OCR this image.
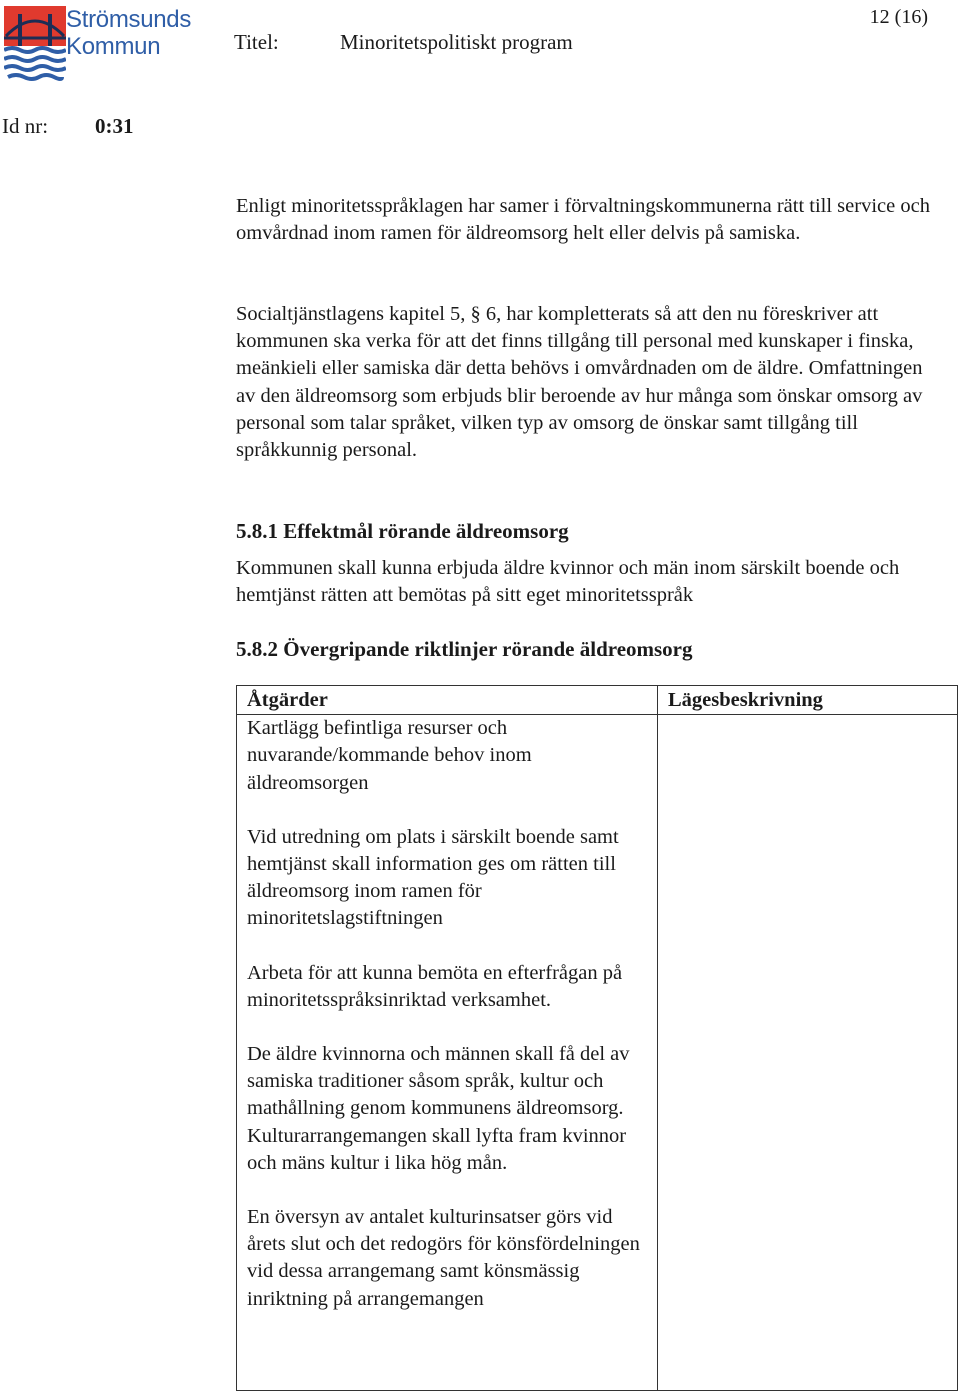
Strömsunds
Kommun	Titel:	Minoritetspolitiskt program
12 (16)
Id nr: 0:31

Enligt minoritetsspråklagen har samer i förvaltningskommunerna rätt till service och omvårdnad inom ramen för äldreomsorg helt eller delvis på samiska.

Socialtjänstlagens kapitel 5, § 6, har kompletterats så att den nu föreskriver att kommunen ska verka för att det finns tillgång till personal med kunskaper i finska, meänkieli eller samiska där detta behövs i omvårdnaden om de äldre. Omfattningen av den äldreomsorg som erbjuds blir beroende av hur många som önskar omsorg av personal som talar språket, vilken typ av omsorg de önskar samt tillgång till språkkunnig personal.

5.8.1 Effektmål rörande äldreomsorg

Kommunen skall kunna erbjuda äldre kvinnor och män inom särskilt boende och hemtjänst rätten att bemötas på sitt eget minoritetsspråk

5.8.2 Övergripande riktlinjer rörande äldreomsorg
Åtgärder	Lägesbeskrivning

Kartlägg befintliga resurser och nuvarande/kommande behov inom äldreomsorgen

Vid utredning om plats i särskilt boende samt hemtjänst skall information ges om rätten till äldreomsorg inom ramen för minoritetslagstiftningen

Arbeta för att kunna bemöta en efterfrågan på minoritetsspråksinriktad verksamhet.

De äldre kvinnorna och männen skall få del av samiska traditioner såsom språk, kultur och mathållning genom kommunens äldreomsorg. Kulturarrangemangen skall lyfta fram kvinnor och mäns kultur i lika hög mån.

En översyn av antalet kulturinsatser görs vid årets slut och det redogörs för könsfördelningen vid dessa arrangemang samt könsmässig inriktning på arrangemangen	
